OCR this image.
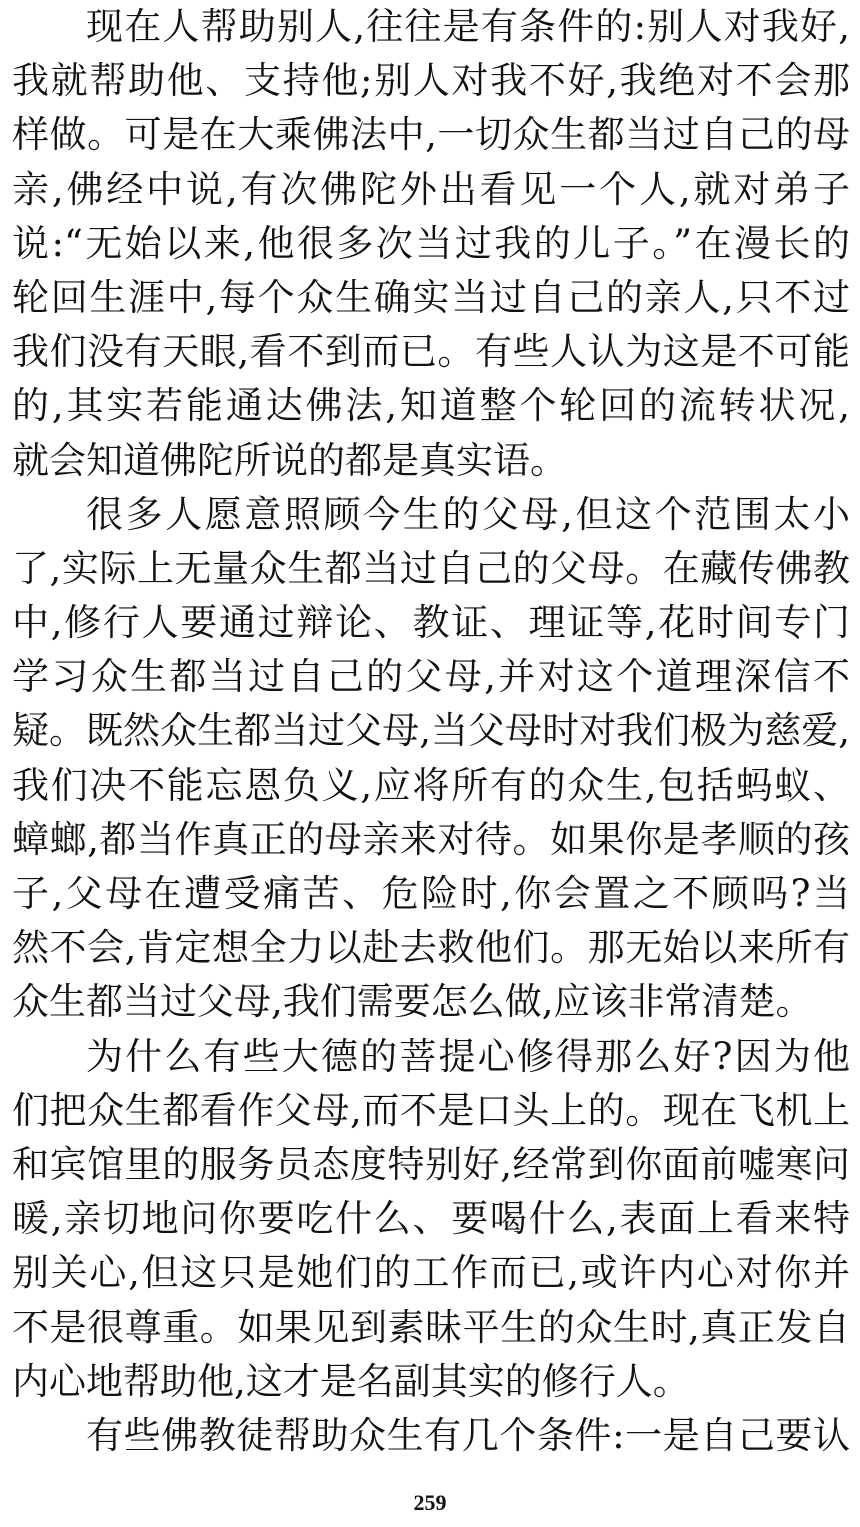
现在人帮助别人,往往是有条件的:别人对我好,
我就帮助他、支持他;别人对我不好,我绝对不会那
样做。可是在大乘佛法中,一切众生都当过自己的母
亲,佛经中说,有次佛陀外出看见一个人,就对弟子
说:“无始以来,他很多次当过我的儿子。”在漫长的
轮回生涯中,每个众生确实当过自己的亲人,只不过
我们没有天眼,看不到而已。有些人认为这是不可能
的,其实若能通达佛法,知道整个轮回的流转状况,
就会知道佛陀所说的都是真实语。
很多人愿意照顾今生的父母,但这个范围太小
了,实际上无量众生都当过自己的父母。在藏传佛教
中,修行人要通过辩论、教证、理证等,花时间专门
学习众生都当过自己的父母,并对这个道理深信不
疑。既然众生都当过父母,当父母时对我们极为慈爱,
我们决不能忘恩负义,应将所有的众生,包括蚂蚁、
蟑螂,都当作真正的母亲来对待。如果你是孝顺的孩
子,父母在遭受痛苦、危险时,你会置之不顾吗?当
然不会,肯定想全力以赴去救他们。那无始以来所有
众生都当过父母,我们需要怎么做,应该非常清楚。
为什么有些大德的菩提心修得那么好?因为他
们把众生都看作父母,而不是口头上的。现在飞机上
和宾馆里的服务员态度特别好,经常到你面前嘘寒问
暖,亲切地问你要吃什么、要喝什么,表面上看来特
别关心,但这只是她们的工作而已,或许内心对你并
不是很尊重。如果见到素昧平生的众生时,真正发自
内心地帮助他,这才是名副其实的修行人。
有些佛教徒帮助众生有几个条件:一是自己要认
259
